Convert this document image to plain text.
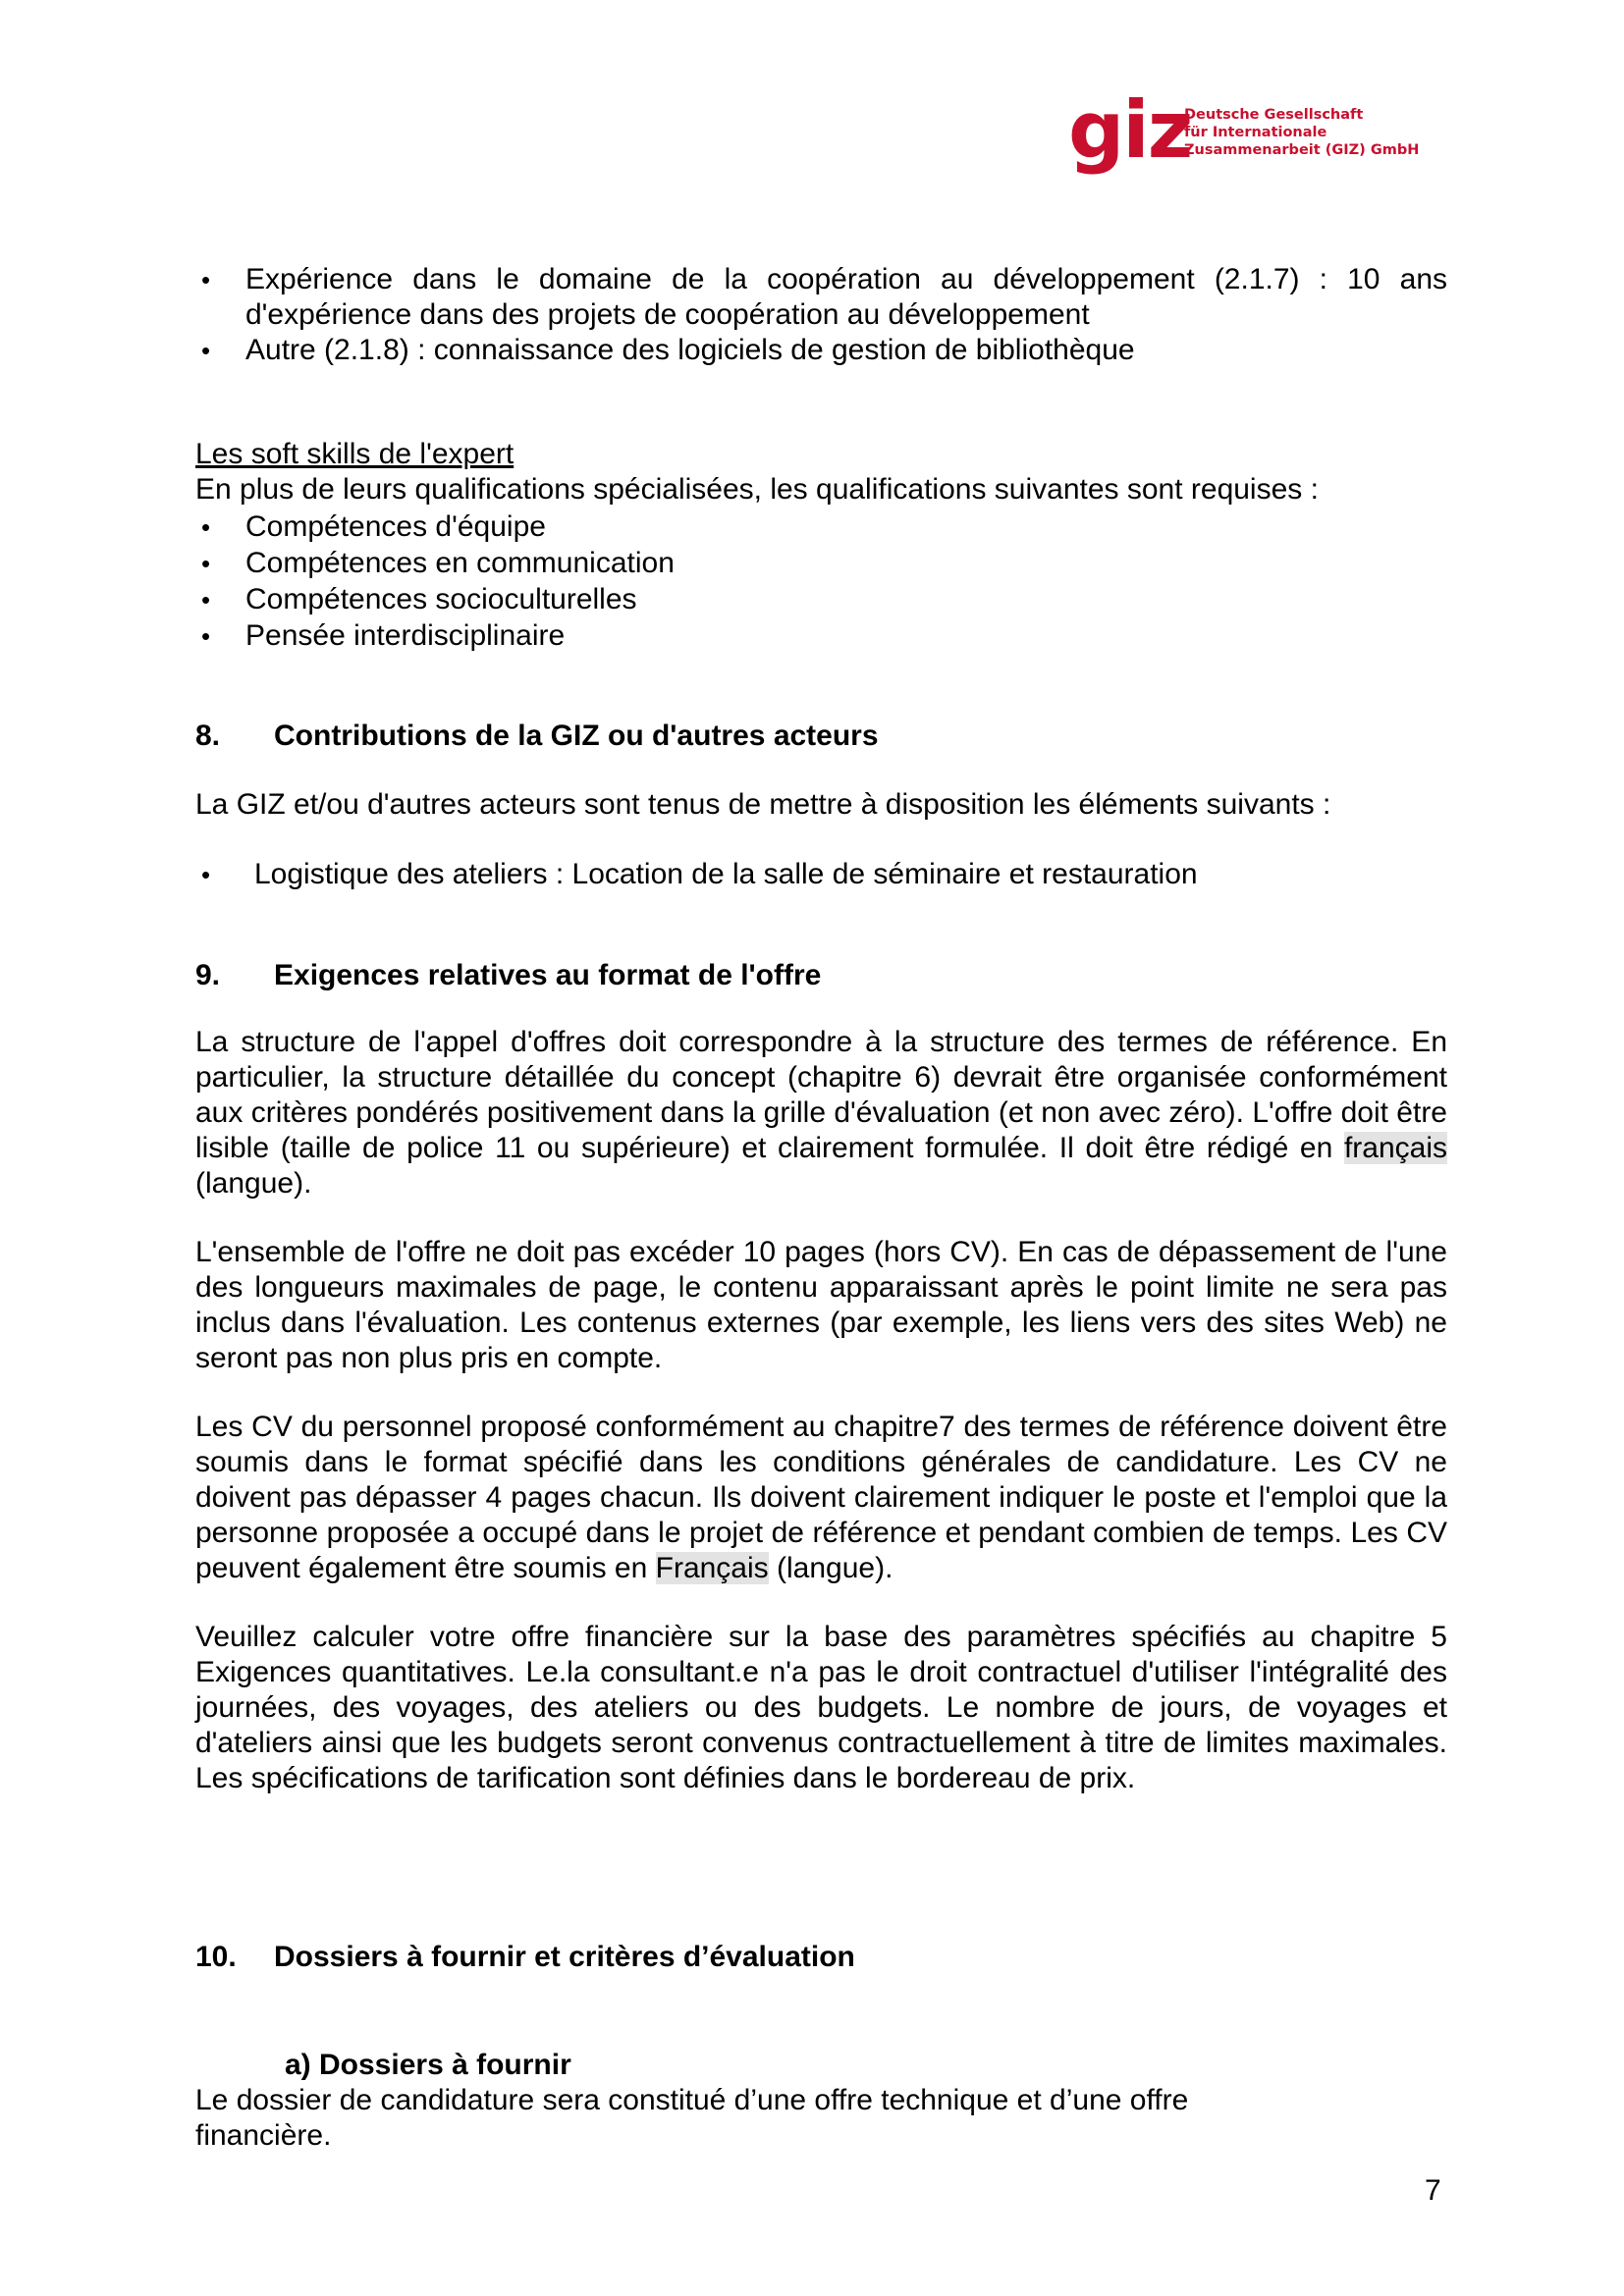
giz
Deutsche Gesellschaft
für Internationale
Zusammenarbeit (GIZ) GmbH
• Expérience dans le domaine de la coopération au développement (2.1.7) : 10 ans d'expérience dans des projets de coopération au développement
• Autre (2.1.8) : connaissance des logiciels de gestion de bibliothèque

Les soft skills de l'expert

En plus de leurs qualifications spécialisées, les qualifications suivantes sont requises :

• Compétences d'équipe
• Compétences en communication
• Compétences socioculturelles
• Pensée interdisciplinaire
8.	Contributions de la GIZ ou d'autres acteurs

La GIZ et/ou d'autres acteurs sont tenus de mettre à disposition les éléments suivants :

• Logistique des ateliers : Location de la salle de séminaire et restauration
9.	Exigences relatives au format de l'offre

La structure de l'appel d'offres doit correspondre à la structure des termes de référence. En particulier, la structure détaillée du concept (chapitre 6) devrait être organisée conformément aux critères pondérés positivement dans la grille d'évaluation (et non avec zéro). L'offre doit être lisible (taille de police 11 ou supérieure) et clairement formulée. Il doit être rédigé en français (langue).

L'ensemble de l'offre ne doit pas excéder 10 pages (hors CV). En cas de dépassement de l'une des longueurs maximales de page, le contenu apparaissant après le point limite ne sera pas inclus dans l'évaluation. Les contenus externes (par exemple, les liens vers des sites Web) ne seront pas non plus pris en compte.

Les CV du personnel proposé conformément au chapitre7 des termes de référence doivent être soumis dans le format spécifié dans les conditions générales de candidature. Les CV ne doivent pas dépasser 4 pages chacun. Ils doivent clairement indiquer le poste et l'emploi que la personne proposée a occupé dans le projet de référence et pendant combien de temps. Les CV peuvent également être soumis en Français (langue).

Veuillez calculer votre offre financière sur la base des paramètres spécifiés au chapitre 5 Exigences quantitatives. Le.la consultant.e n'a pas le droit contractuel d'utiliser l'intégralité des journées, des voyages, des ateliers ou des budgets. Le nombre de jours, de voyages et d'ateliers ainsi que les budgets seront convenus contractuellement à titre de limites maximales. Les spécifications de tarification sont définies dans le bordereau de prix.

10.	Dossiers à fournir et critères d’évaluation

a) Dossiers à fournir

Le dossier de candidature sera constitué d’une offre technique et d’une offre financière.

7
